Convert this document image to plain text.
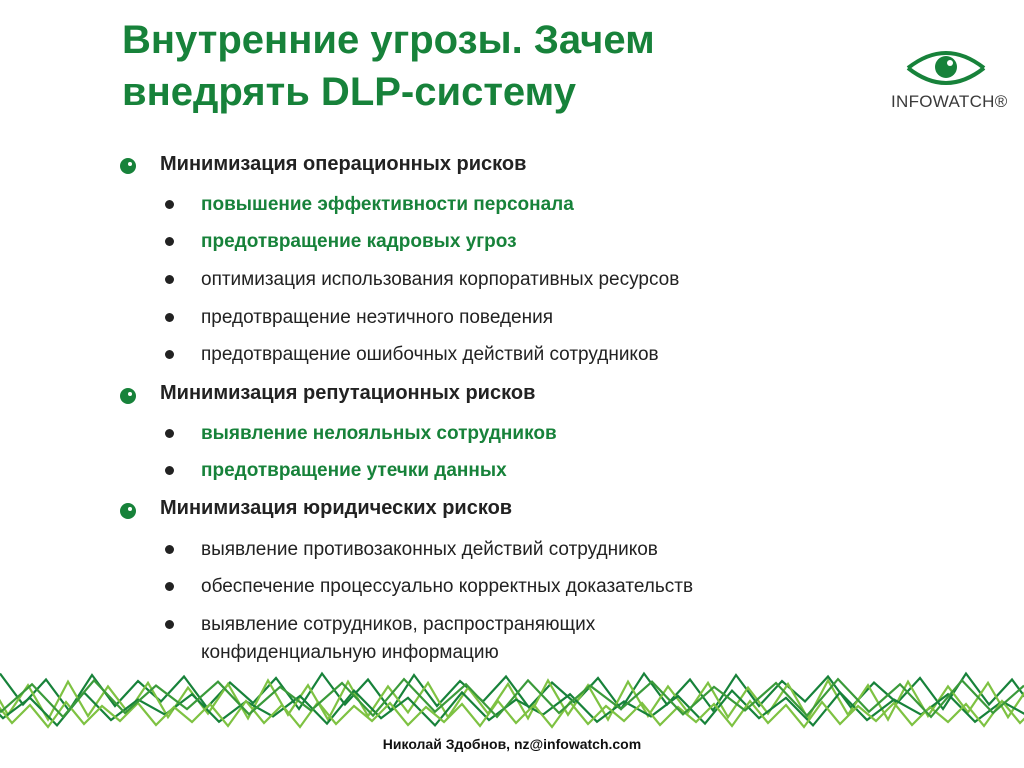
Внутренние угрозы. Зачем внедрять DLP-систему	INFOWATCH®
Минимизация операционных рисков
повышение эффективности персонала
предотвращение кадровых угроз
оптимизация использования корпоративных ресурсов
предотвращение неэтичного поведения
предотвращение ошибочных действий сотрудников
Минимизация репутационных рисков
выявление нелояльных сотрудников
предотвращение утечки данных
Минимизация юридических рисков
выявление противозаконных действий сотрудников
обеспечение процессуально корректных доказательств
выявление сотрудников, распространяющих конфиденциальную информацию
Николай Здобнов, nz@infowatch.com
